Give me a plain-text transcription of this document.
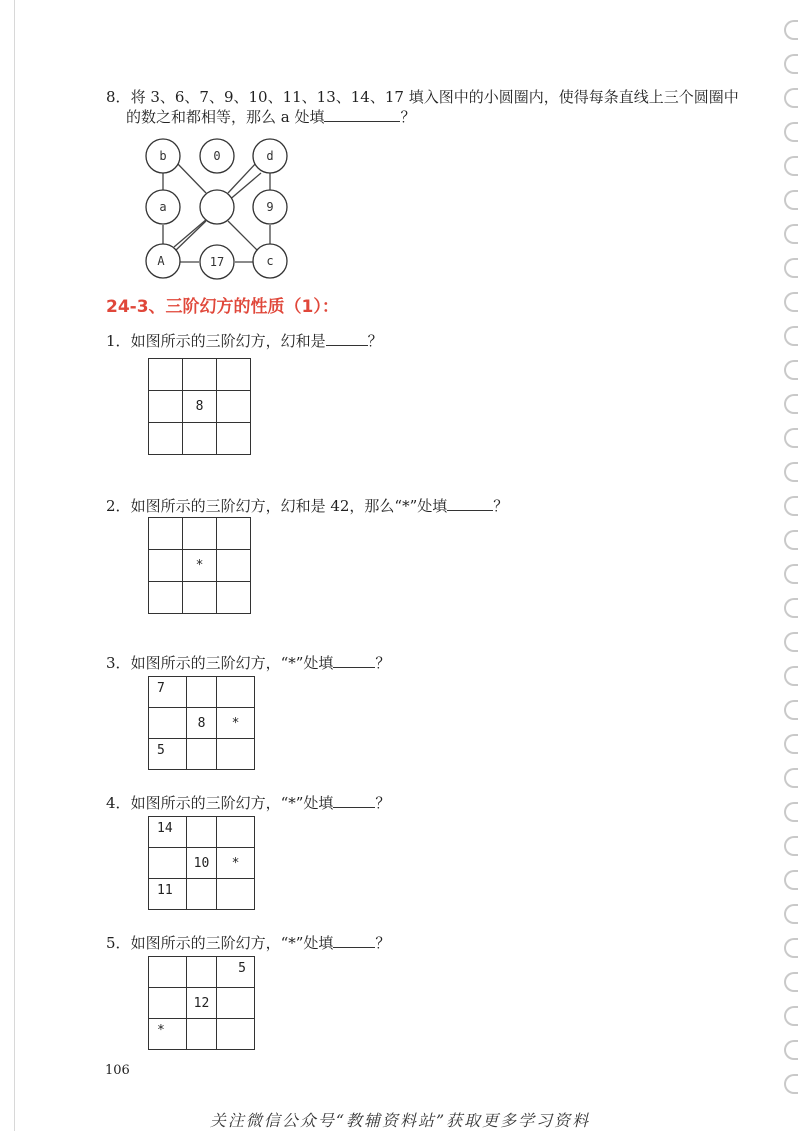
8．将 3、6、7、9、10、11、13、14、17 填入图中的小圆圈内，使得每条直线上三个圆圈中
的数之和都相等，那么 a 处填	？
b	0	d
a	9
A	17	c
24-3、三阶幻方的性质（1）：
1．如图所示的三阶幻方，幻和是	？

	8	

2．如图所示的三阶幻方，幻和是 42，那么“*”处填	？

	*	

3．如图所示的三阶幻方，“*”处填	？
7		
	8	*
5		
4．如图所示的三阶幻方，“*”处填	？
14		
	10	*
11		
5．如图所示的三阶幻方，“*”处填	？
		5
	12	
*		
106
关注微信公众号“教辅资料站”获取更多学习资料
